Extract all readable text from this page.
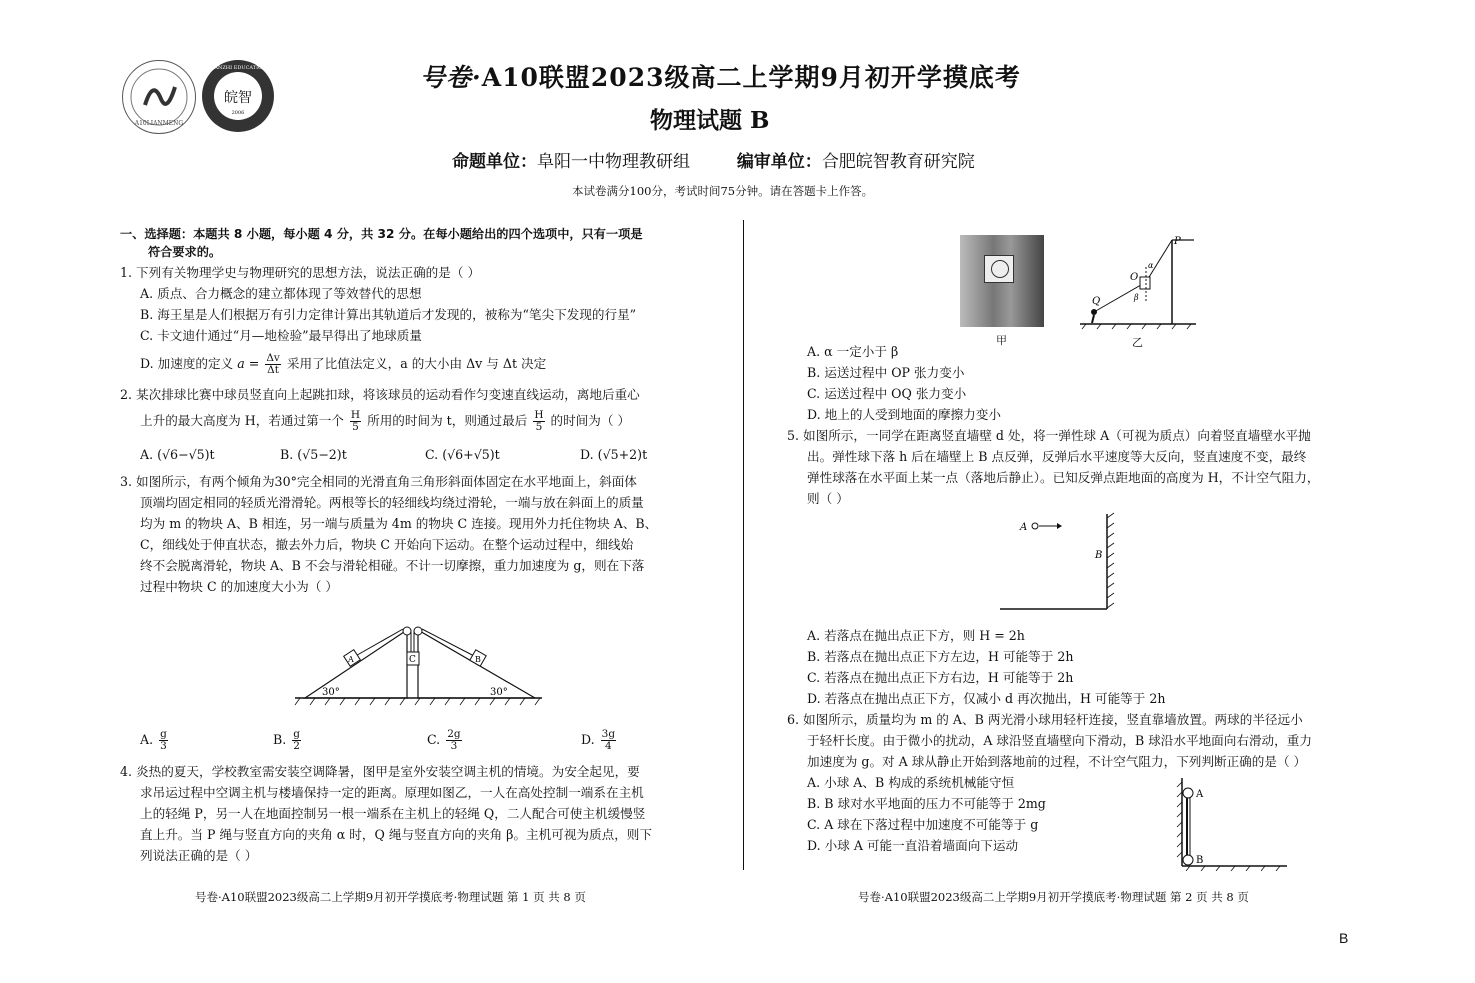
A10LIANMENG
皖智
2006
WANZHI EDUCATION	号卷·A10联盟2023级高二上学期9月初开学摸底考
物理试题 B
命题单位：阜阳一中物理教研组	编审单位：合肥皖智教育研究院
本试卷满分100分，考试时间75分钟。请在答题卡上作答。
一、选择题：本题共 8 小题，每小题 4 分，共 32 分。在每小题给出的四个选项中，只有一项是
符合要求的。
1. 下列有关物理学史与物理研究的思想方法，说法正确的是（ ）
A. 质点、合力概念的建立都体现了等效替代的思想
B. 海王星是人们根据万有引力定律计算出其轨道后才发现的，被称为“笔尖下发现的行星”
C. 卡文迪什通过“月—地检验”最早得出了地球质量
D. 加速度的定义 $a = \frac{\Delta v}{\Delta t}$ 采用了比值法定义，a 的大小由 Δv 与 Δt 决定
2. 某次排球比赛中球员竖直向上起跳扣球，将该球员的运动看作匀变速直线运动，离地后重心
上升的最大高度为 H，若通过第一个 $\frac{H}{5}$ 所用的时间为 t，则通过最后 $\frac{H}{5}$ 的时间为（ ）
A. (√6−√5)t	B. (√5−2)t	C. (√6+√5)t	D. (√5+2)t
3. 如图所示，有两个倾角为30°完全相同的光滑直角三角形斜面体固定在水平地面上，斜面体
顶端均固定相同的轻质光滑滑轮。两根等长的轻细线均绕过滑轮，一端与放在斜面上的质量
均为 m 的物块 A、B 相连，另一端与质量为 4m 的物块 C 连接。现用外力托住物块 A、B、
C，细线处于伸直状态，撤去外力后，物块 C 开始向下运动。在整个运动过程中，细线始
终不会脱离滑轮，物块 A、B 不会与滑轮相碰。不计一切摩擦，重力加速度为 g，则在下落
过程中物块 C 的加速度大小为（ ）
A	C	B
30°	30°
A. $\frac{g}{3}$	B. $\frac{g}{2}$	C. $\frac{2g}{3}$	D. $\frac{3g}{4}$
4. 炎热的夏天，学校教室需安装空调降暑，图甲是室外安装空调主机的情境。为安全起见，要
求吊运过程中空调主机与楼墙保持一定的距离。原理如图乙，一人在高处控制一端系在主机
上的轻绳 P，另一人在地面控制另一根一端系在主机上的轻绳 Q，二人配合可使主机缓慢竖
直上升。当 P 绳与竖直方向的夹角 α 时，Q 绳与竖直方向的夹角 β。主机可视为质点，则下
列说法正确的是（ ）
号卷·A10联盟2023级高二上学期9月初开学摸底考·物理试题 第 1 页 共 8 页
甲
P
O
α
β
Q
乙
A. α 一定小于 β
B. 运送过程中 OP 张力变小
C. 运送过程中 OQ 张力变小
D. 地上的人受到地面的摩擦力变小
5. 如图所示，一同学在距离竖直墙壁 d 处，将一弹性球 A（可视为质点）向着竖直墙壁水平抛
出。弹性球下落 h 后在墙壁上 B 点反弹，反弹后水平速度等大反向，竖直速度不变，最终
弹性球落在水平面上某一点（落地后静止）。已知反弹点距地面的高度为 H，不计空气阻力，
则（ ）
A
B
A. 若落点在抛出点正下方，则 H = 2h
B. 若落点在抛出点正下方左边，H 可能等于 2h
C. 若落点在抛出点正下方右边，H 可能等于 2h
D. 若落点在抛出点正下方，仅减小 d 再次抛出，H 可能等于 2h
6. 如图所示，质量均为 m 的 A、B 两光滑小球用轻杆连接，竖直靠墙放置。两球的半径远小
于轻杆长度。由于微小的扰动，A 球沿竖直墙壁向下滑动，B 球沿水平地面向右滑动，重力
加速度为 g。对 A 球从静止开始到落地前的过程，不计空气阻力，下列判断正确的是（ ）
A. 小球 A、B 构成的系统机械能守恒
B. B 球对水平地面的压力不可能等于 2mg
C. A 球在下落过程中加速度不可能等于 g
D. 小球 A 可能一直沿着墙面向下运动
A
B
号卷·A10联盟2023级高二上学期9月初开学摸底考·物理试题 第 2 页 共 8 页
B
